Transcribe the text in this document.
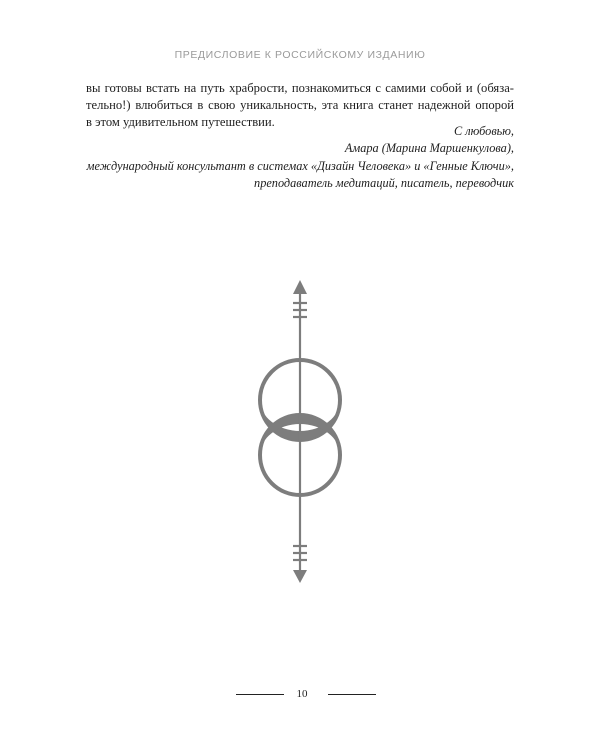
ПРЕДИСЛОВИЕ К РОССИЙСКОМУ ИЗДАНИЮ

вы готовы встать на путь храбрости, познакомиться с самими собой и (обяза-
тельно!) влюбиться в свою уникальность, эта книга станет надежной опорой
в этом удивительном путешествии.

С любовью,
Амара (Марина Маршенкулова),
международный консультант в системах «Дизайн Человека» и «Генные Ключи»,
преподаватель медитаций, писатель, переводчик
10
